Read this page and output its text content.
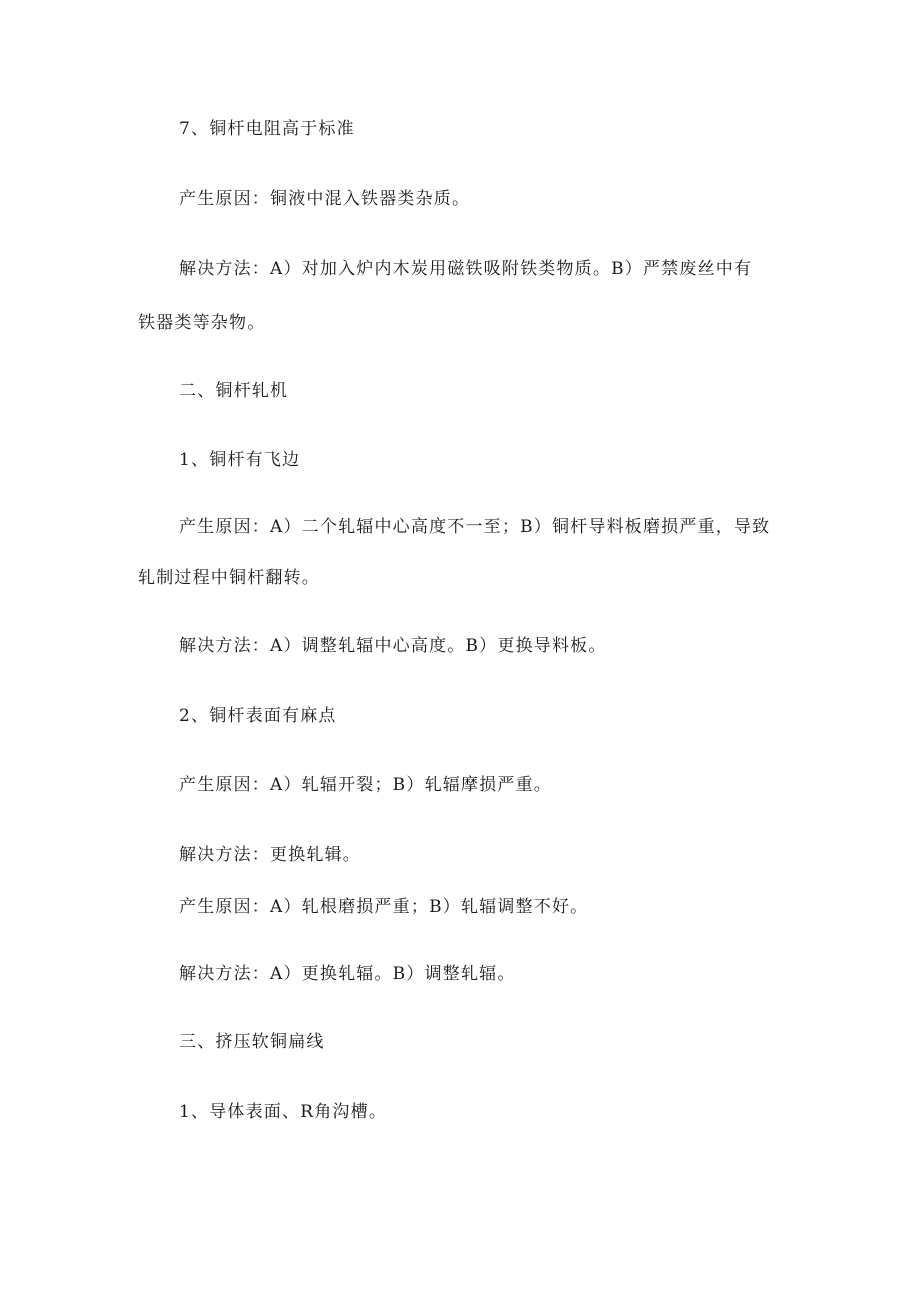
7、铜杆电阻高于标准
产生原因：铜液中混入铁器类杂质。
解决方法：A）对加入炉内木炭用磁铁吸附铁类物质。B）严禁废丝中有
铁器类等杂物。
二、铜杆轧机
1、铜杆有飞边
产生原因：A）二个轧辐中心高度不一至；B）铜杆导料板磨损严重，导致
轧制过程中铜杆翻转。
解决方法：A）调整轧辐中心高度。B）更换导料板。
2、铜杆表面有麻点
产生原因：A）轧辐开裂；B）轧辐摩损严重。
解决方法：更换轧辑。
产生原因：A）轧根磨损严重；B）轧辐调整不好。
解决方法：A）更换轧辐。B）调整轧辐。
三、挤压软铜扁线
1、导体表面、R角沟槽。
